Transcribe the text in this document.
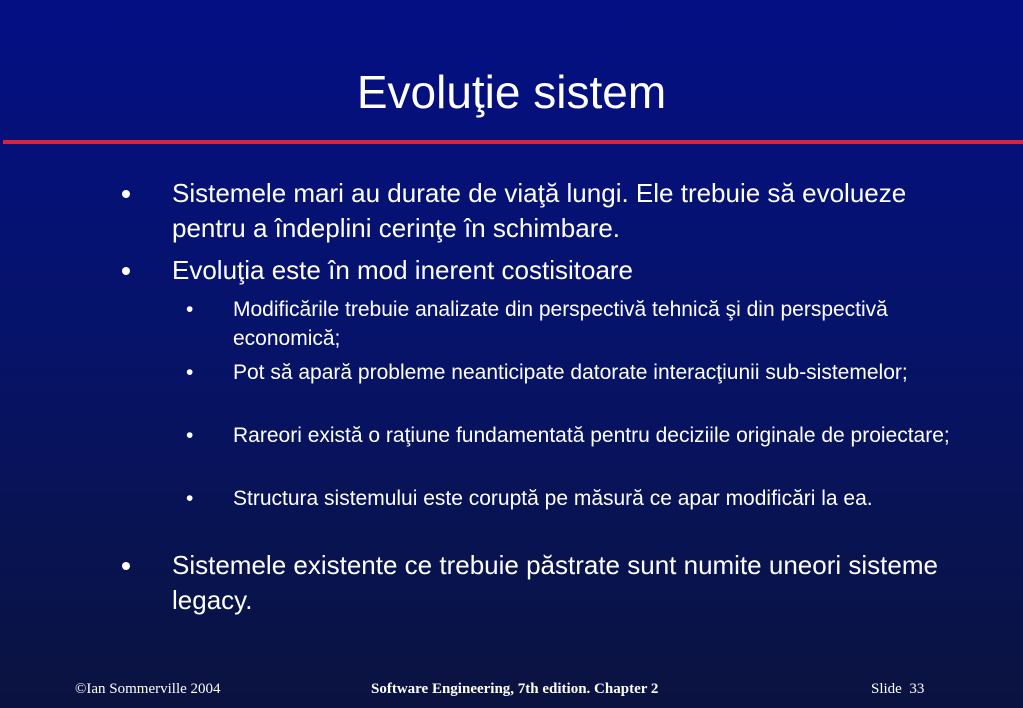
Evoluţie sistem
Sistemele mari au durate de viaţă lungi. Ele trebuie să evolueze pentru a îndeplini cerinţe în schimbare.
Evoluţia este în mod inerent costisitoare
• Modificările trebuie analizate din perspectivă tehnică şi din perspectivă economică;
• Pot să apară probleme neanticipate datorate interacţiunii sub-sistemelor;
• Rareori există o raţiune fundamentată pentru deciziile originale de proiectare;
• Structura sistemului este coruptă pe măsură ce apar modificări la ea.
Sistemele existente ce trebuie păstrate sunt numite uneori sisteme legacy.
©Ian Sommerville 2004	Software Engineering, 7th edition. Chapter 2	Slide  33
